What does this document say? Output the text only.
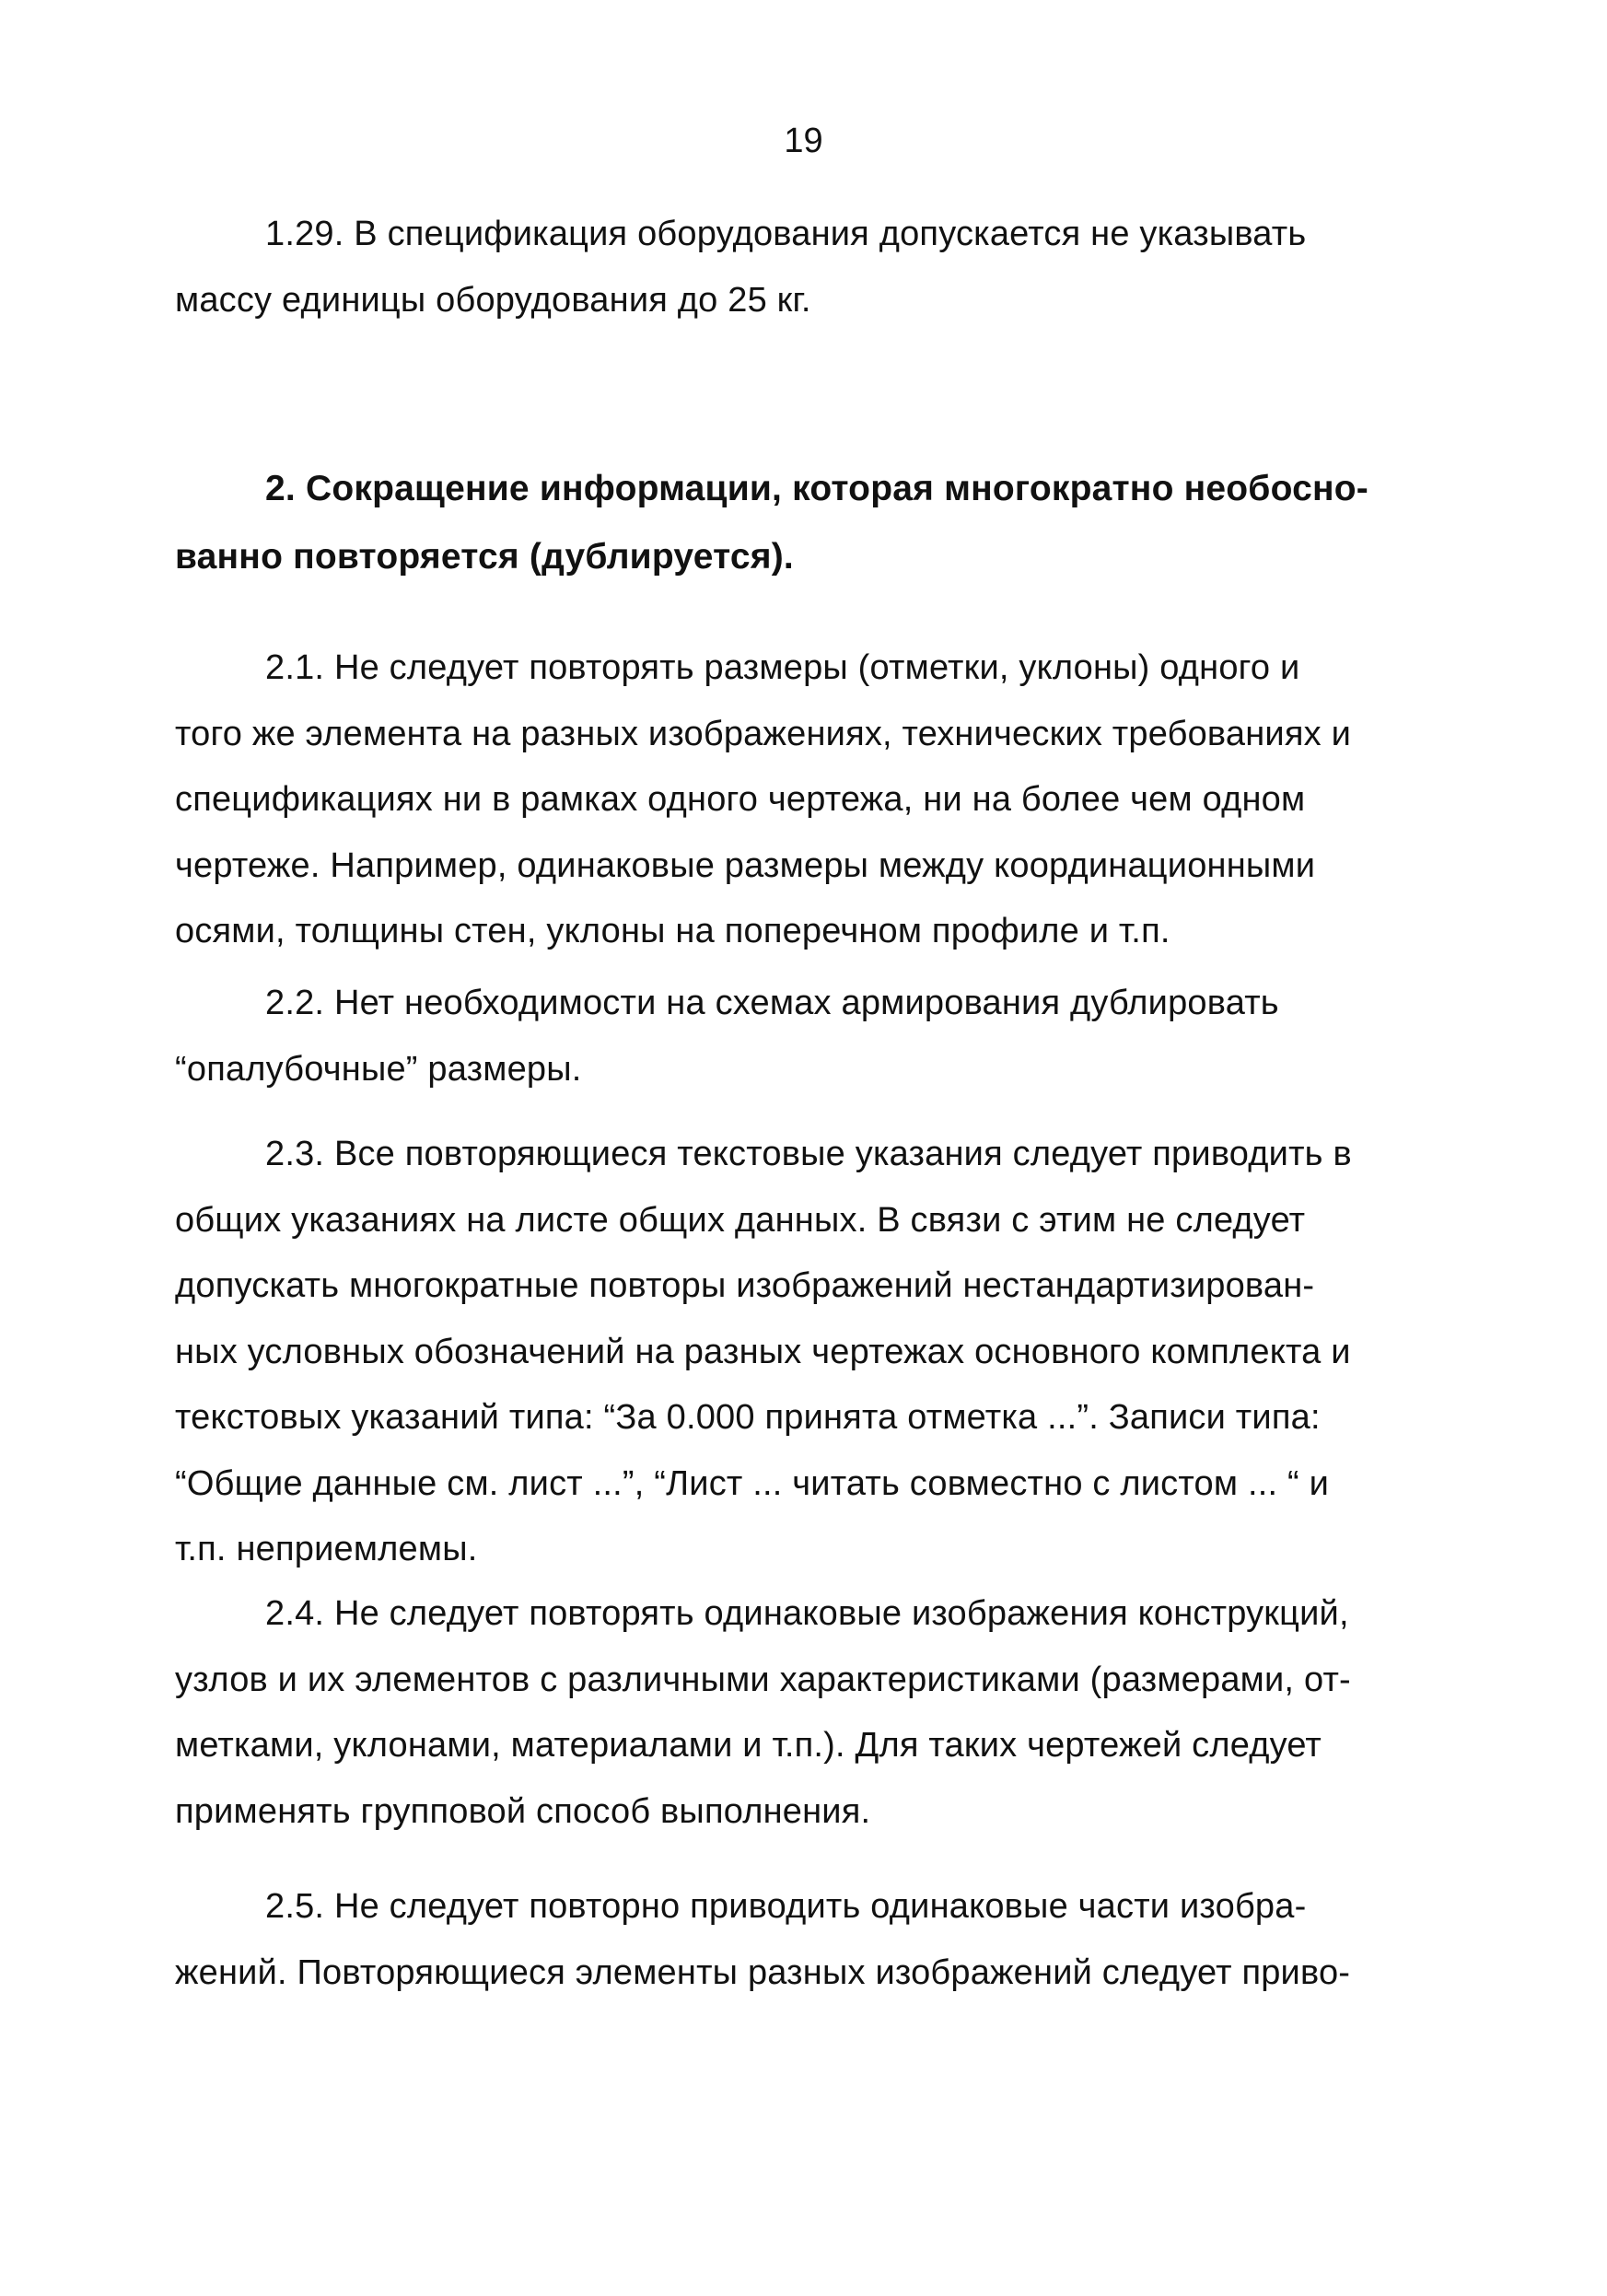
19
1.29. В спецификация оборудования допускается не указывать
массу единицы оборудования до 25 кг.
2. Сокращение информации, которая многократно необосно-
ванно повторяется (дублируется).
2.1. Не следует повторять размеры (отметки, уклоны) одного и
того же элемента на разных изображениях, технических требованиях и
спецификациях ни в рамках одного чертежа, ни на более чем одном
чертеже. Например, одинаковые размеры между координационными
осями, толщины стен, уклоны на поперечном профиле и т.п.
2.2. Нет необходимости на схемах армирования дублировать
“опалубочные” размеры.
2.3. Все повторяющиеся текстовые указания следует приводить в
общих указаниях на листе общих данных. В связи с этим не следует
допускать многократные повторы изображений нестандартизирован-
ных условных обозначений на разных чертежах основного комплекта и
текстовых указаний типа: “За 0.000 принята отметка ...”. Записи типа:
“Общие данные см. лист ...”, “Лист ... читать совместно с листом ... “ и
т.п. неприемлемы.
2.4. Не следует повторять одинаковые изображения конструкций,
узлов и их элементов с различными характеристиками (размерами, от-
метками, уклонами, материалами и т.п.). Для таких чертежей следует
применять групповой способ выполнения.
2.5. Не следует повторно приводить одинаковые части изобра-
жений. Повторяющиеся элементы разных изображений следует приво-
